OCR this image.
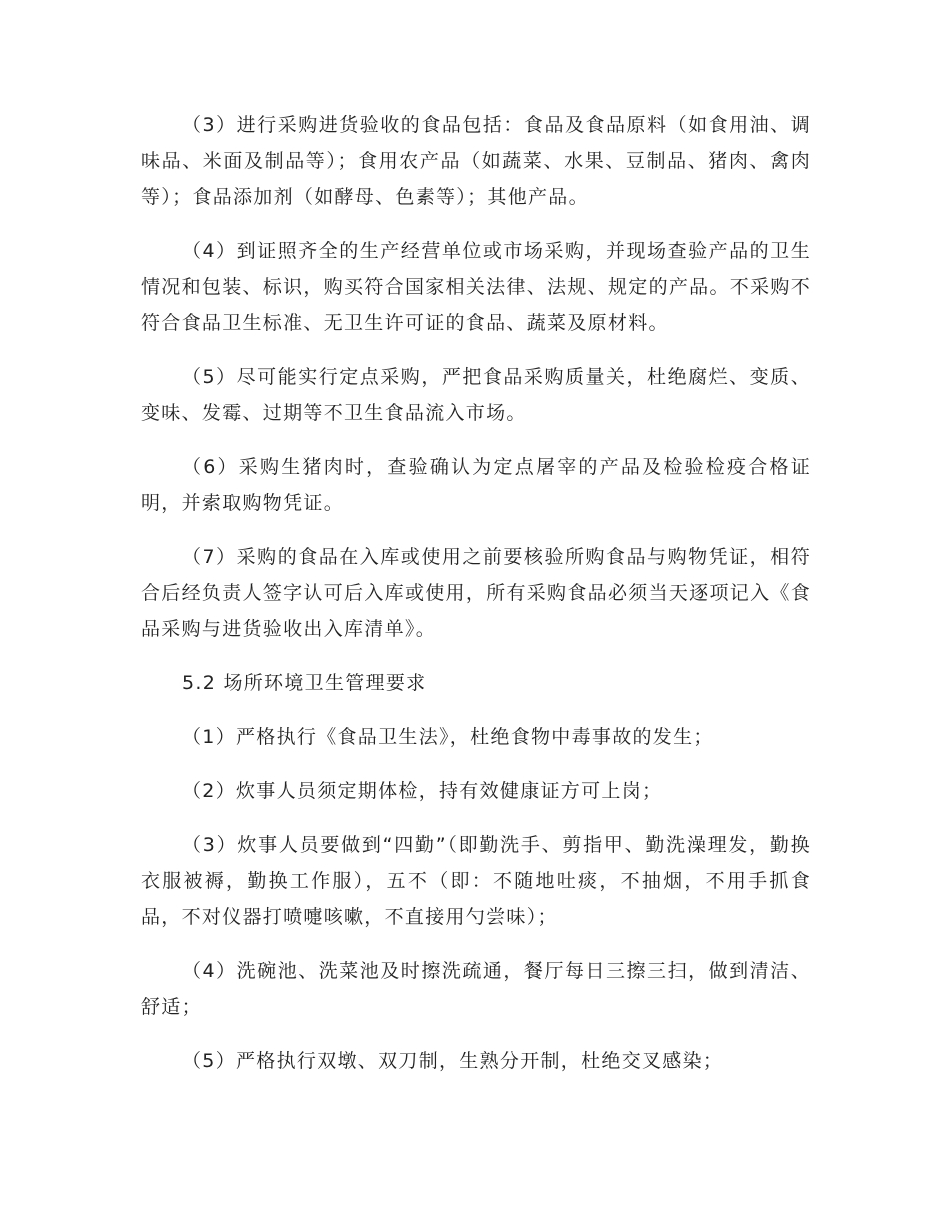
（3）进行采购进货验收的食品包括：食品及食品原料（如食用油、调味品、米面及制品等）；食用农产品（如蔬菜、水果、豆制品、猪肉、禽肉等）；食品添加剂（如酵母、色素等）；其他产品。

（4）到证照齐全的生产经营单位或市场采购，并现场查验产品的卫生情况和包装、标识，购买符合国家相关法律、法规、规定的产品。不采购不符合食品卫生标准、无卫生许可证的食品、蔬菜及原材料。

（5）尽可能实行定点采购，严把食品采购质量关，杜绝腐烂、变质、变味、发霉、过期等不卫生食品流入市场。

（6）采购生猪肉时，查验确认为定点屠宰的产品及检验检疫合格证明，并索取购物凭证。

（7）采购的食品在入库或使用之前要核验所购食品与购物凭证，相符合后经负责人签字认可后入库或使用，所有采购食品必须当天逐项记入《食品采购与进货验收出入库清单》。

5.2 场所环境卫生管理要求

（1）严格执行《食品卫生法》，杜绝食物中毒事故的发生；

（2）炊事人员须定期体检，持有效健康证方可上岗；

（3）炊事人员要做到“四勤”（即勤洗手、剪指甲、勤洗澡理发，勤换衣服被褥，勤换工作服），五不（即：不随地吐痰，不抽烟，不用手抓食品，不对仪器打喷嚏咳嗽，不直接用勺尝味）；

（4）洗碗池、洗菜池及时擦洗疏通，餐厅每日三擦三扫，做到清洁、舒适；

（5）严格执行双墩、双刀制，生熟分开制，杜绝交叉感染；
